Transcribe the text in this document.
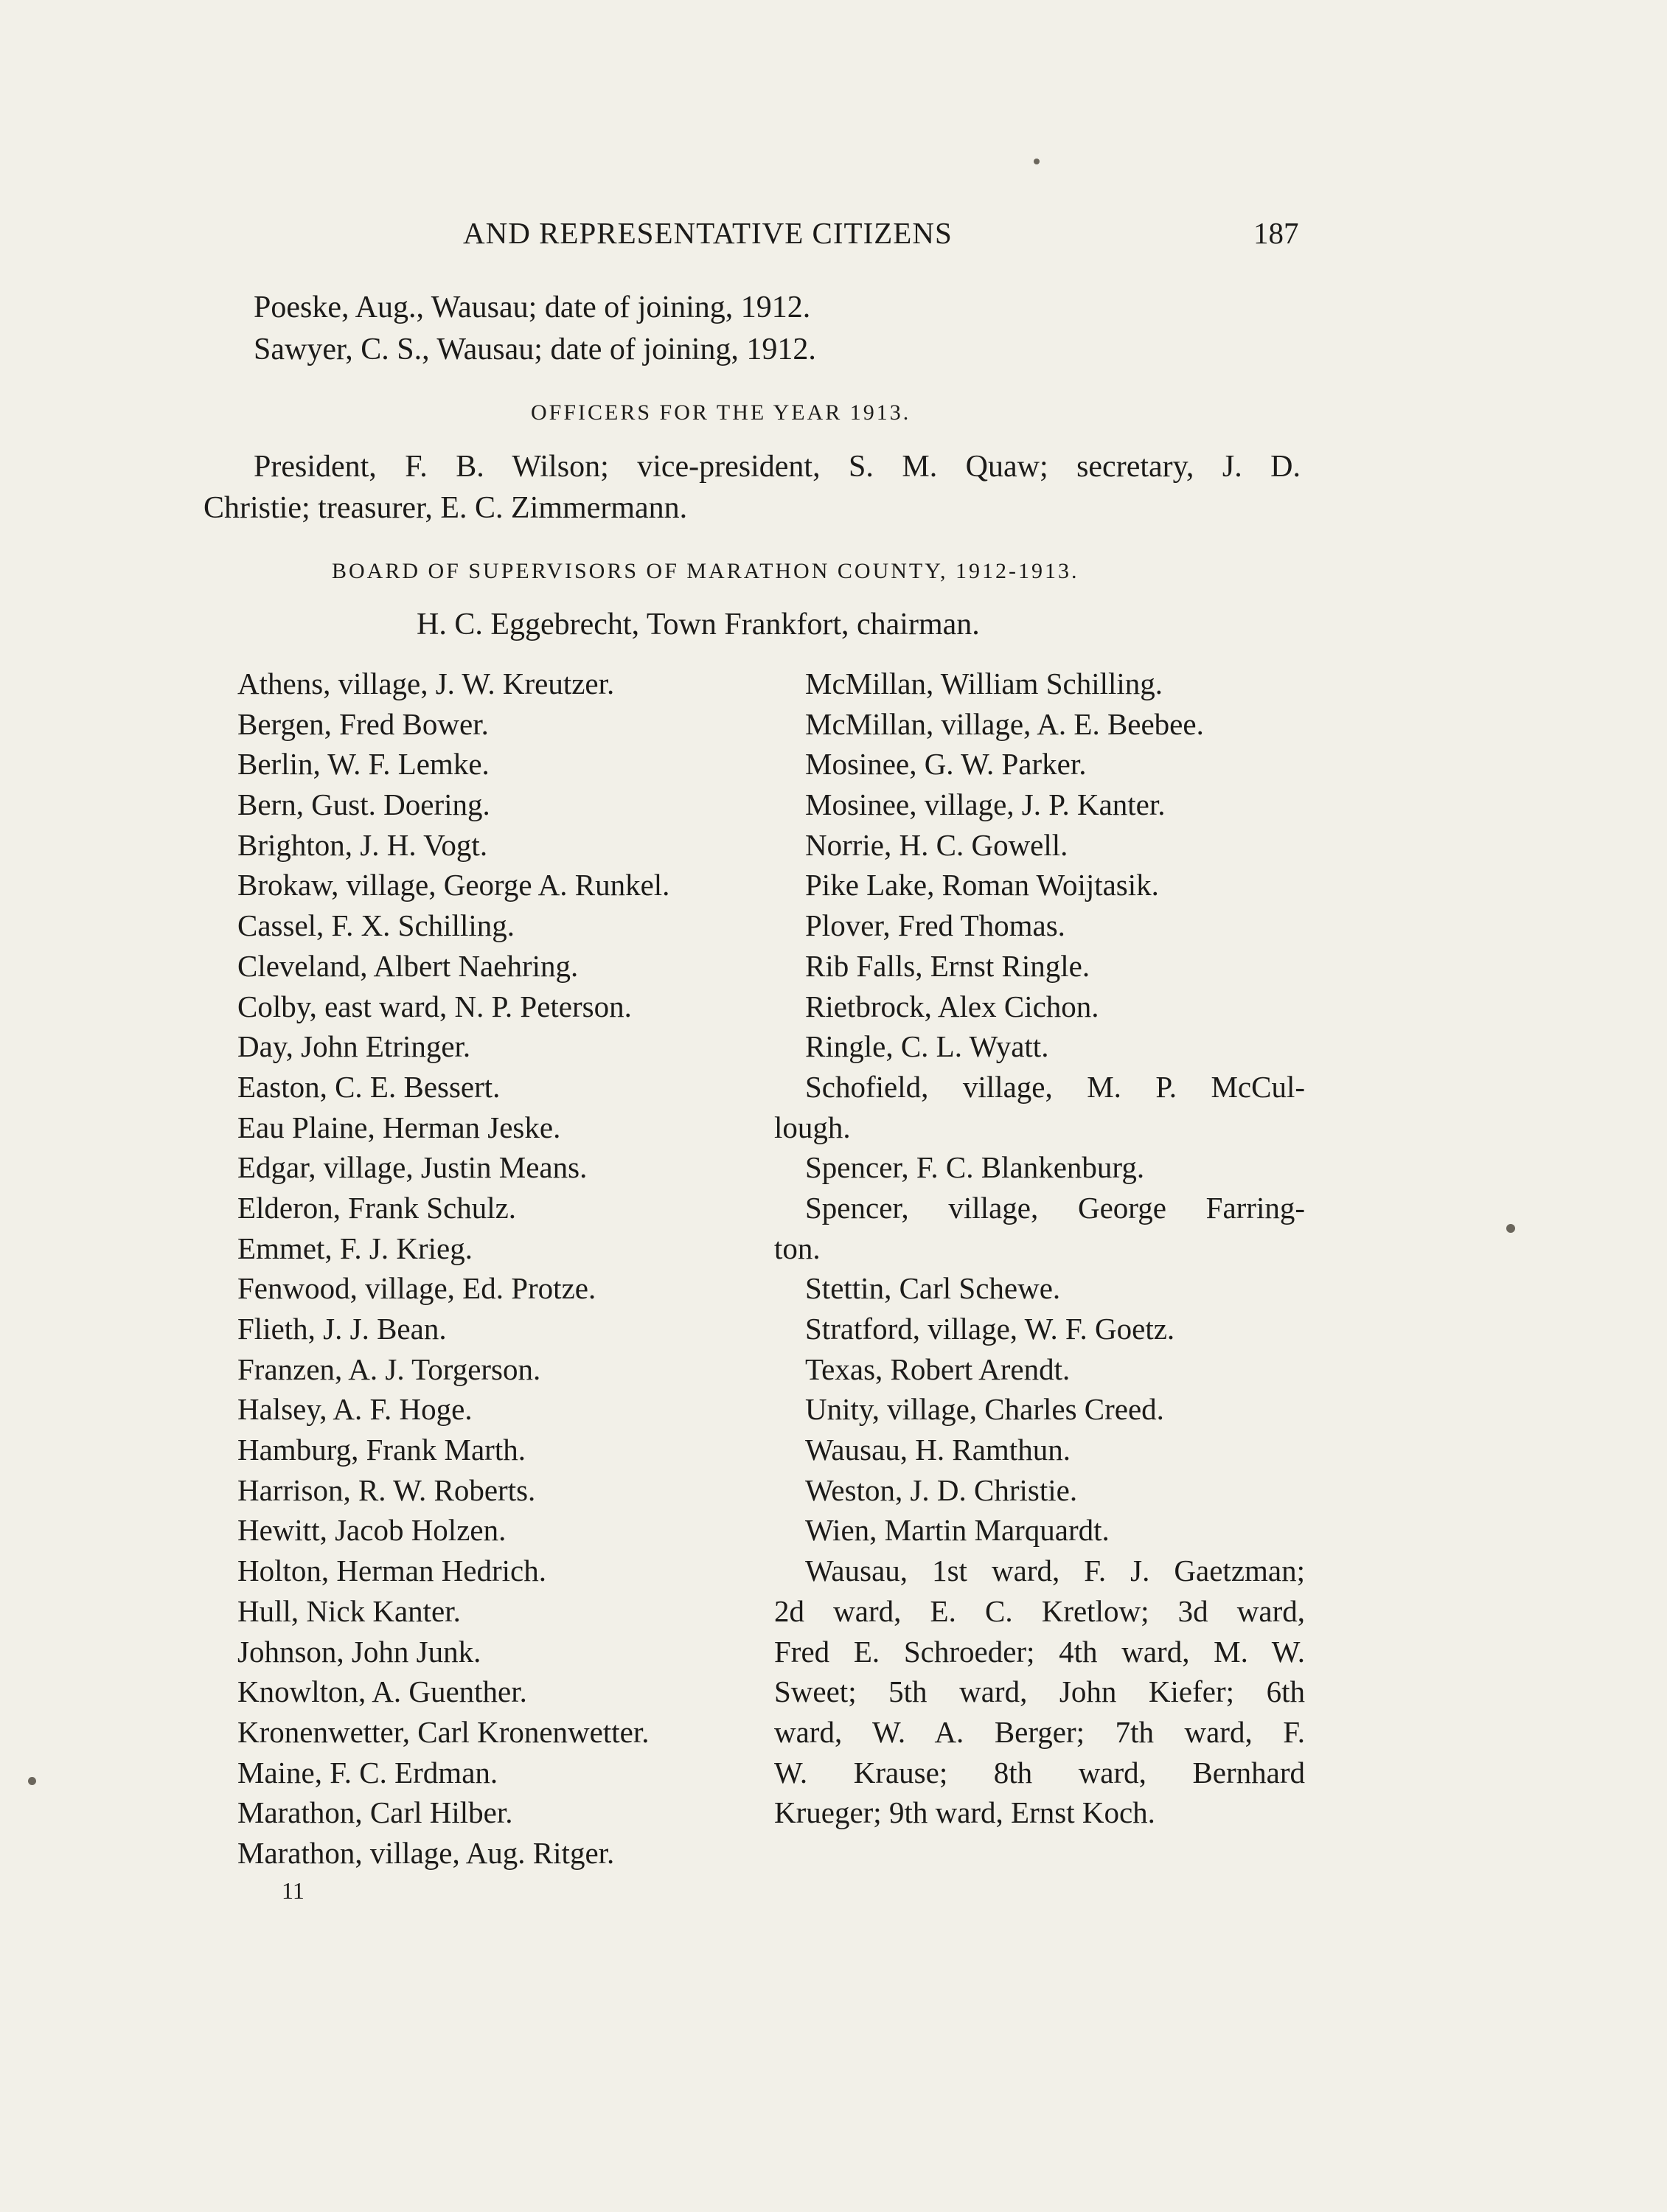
AND REPRESENTATIVE CITIZENS	187
Poeske, Aug., Wausau; date of joining, 1912.
Sawyer, C. S., Wausau; date of joining, 1912.
OFFICERS FOR THE YEAR 1913.
President, F. B. Wilson; vice-president, S. M. Quaw; secretary, J. D.
Christie; treasurer, E. C. Zimmermann.
BOARD OF SUPERVISORS OF MARATHON COUNTY, 1912-1913.
H. C. Eggebrecht, Town Frankfort, chairman.
Athens, village, J. W. Kreutzer.
Bergen, Fred Bower.
Berlin, W. F. Lemke.
Bern, Gust. Doering.
Brighton, J. H. Vogt.
Brokaw, village, George A. Runkel.
Cassel, F. X. Schilling.
Cleveland, Albert Naehring.
Colby, east ward, N. P. Peterson.
Day, John Etringer.
Easton, C. E. Bessert.
Eau Plaine, Herman Jeske.
Edgar, village, Justin Means.
Elderon, Frank Schulz.
Emmet, F. J. Krieg.
Fenwood, village, Ed. Protze.
Flieth, J. J. Bean.
Franzen, A. J. Torgerson.
Halsey, A. F. Hoge.
Hamburg, Frank Marth.
Harrison, R. W. Roberts.
Hewitt, Jacob Holzen.
Holton, Herman Hedrich.
Hull, Nick Kanter.
Johnson, John Junk.
Knowlton, A. Guenther.
Kronenwetter, Carl Kronenwetter.
Maine, F. C. Erdman.
Marathon, Carl Hilber.
Marathon, village, Aug. Ritger.
McMillan, William Schilling.
McMillan, village, A. E. Beebee.
Mosinee, G. W. Parker.
Mosinee, village, J. P. Kanter.
Norrie, H. C. Gowell.
Pike Lake, Roman Woijtasik.
Plover, Fred Thomas.
Rib Falls, Ernst Ringle.
Rietbrock, Alex Cichon.
Ringle, C. L. Wyatt.
Schofield, village, M. P. McCul-
lough.
Spencer, F. C. Blankenburg.
Spencer, village, George Farring-
ton.
Stettin, Carl Schewe.
Stratford, village, W. F. Goetz.
Texas, Robert Arendt.
Unity, village, Charles Creed.
Wausau, H. Ramthun.
Weston, J. D. Christie.
Wien, Martin Marquardt.
Wausau, 1st ward, F. J. Gaetzman;
2d ward, E. C. Kretlow; 3d ward,
Fred E. Schroeder; 4th ward, M. W.
Sweet; 5th ward, John Kiefer; 6th
ward, W. A. Berger; 7th ward, F.
W. Krause; 8th ward, Bernhard
Krueger; 9th ward, Ernst Koch.
11
